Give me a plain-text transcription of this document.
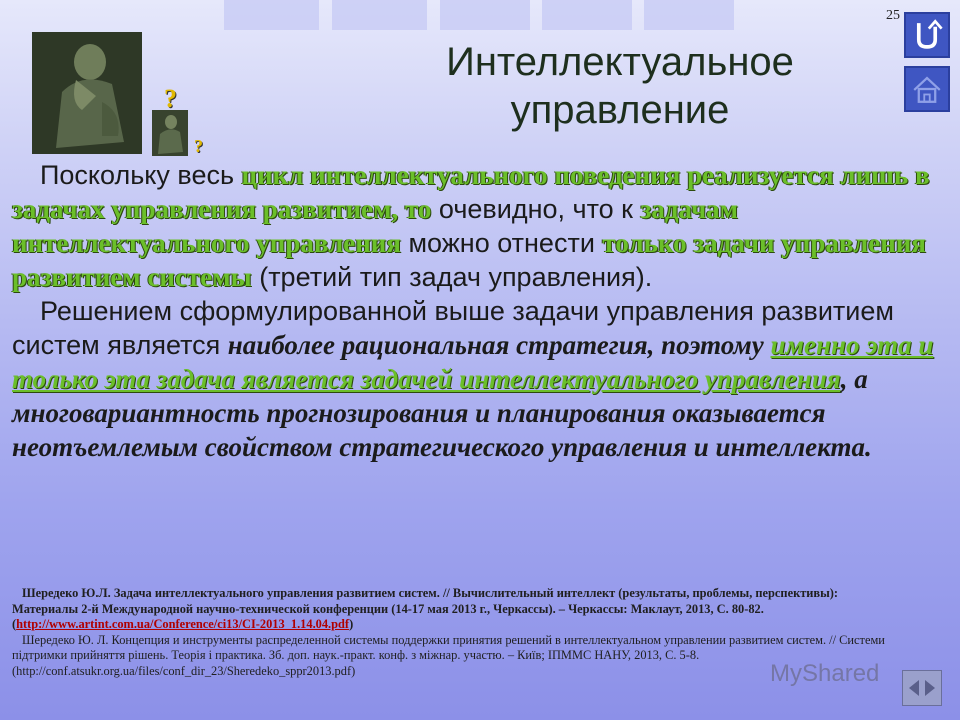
25
?
?
Интеллектуальное
управление
Поскольку весь цикл интеллектуального поведения реализуется лишь в задачах управления развитием, то очевидно, что к задачам интеллектуального управления можно отнести только задачи управления развитием системы (третий тип задач управления).
Решением сформулированной выше задачи управления развитием систем является наиболее рациональная стратегия, поэтому именно эта и только эта задача является задачей интеллектуального управления, а многовариантность прогнозирования и планирования оказывается неотъемлемым свойством стратегического управления и интеллекта.
Шередеко Ю.Л. Задача интеллектуального управления развитием систем. // Вычислительный интеллект (результаты, проблемы, перспективы): Материалы 2-й Международной научно-технической конференции (14-17 мая 2013 г., Черкассы). – Черкассы: Маклаут, 2013, С. 80-82. (http://www.artint.com.ua/Conference/ci13/CI-2013_1.14.04.pdf)
Шередеко Ю. Л. Концепция и инструменты распределенной системы поддержки принятия решений в интеллектуальном управлении развитием систем. // Системи підтримки прийняття рішень. Теорія і практика. Зб. доп. наук.-практ. конф. з міжнар. участю. – Київ; ІПММС НАНУ, 2013, С. 5-8. (http://conf.atsukr.org.ua/files/conf_dir_23/Sheredeko_sppr2013.pdf)	MyShared
